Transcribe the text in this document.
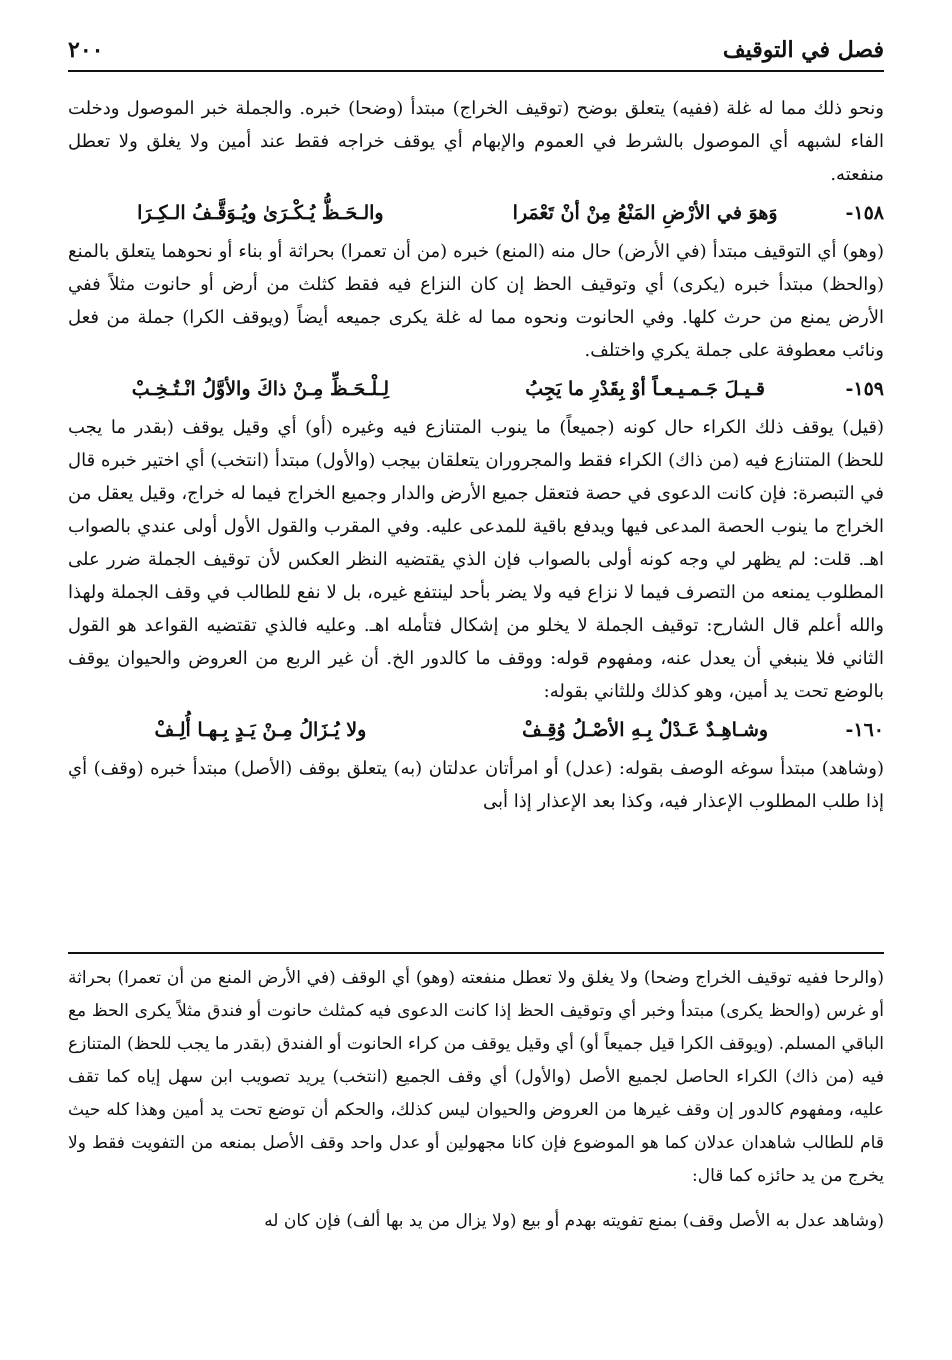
فصل في التوقيف
٢٠٠

ونحو ذلك مما له غلة (ففيه) يتعلق بوضح (توقيف الخراج) مبتدأ (وضحا) خبره. والجملة خبر الموصول ودخلت الفاء لشبهه أي الموصول بالشرط في العموم والإبهام أي يوقف خراجه فقط عند أمين ولا يغلق ولا تعطل منفعته.

١٥٨-
وَهوَ في الأرْضِ المَنْعُ مِنْ أنْ تَعْمَرا
والـحَـظُّ يُـكْـرَىٰ ويُـوَقَّـفُ الـكِـرَا

(وهو) أي التوقيف مبتدأ (في الأرض) حال منه (المنع) خبره (من أن تعمرا) بحراثة أو بناء أو نحوهما يتعلق بالمنع (والحظ) مبتدأ خبره (يكرى) أي وتوقيف الحظ إن كان النزاع فيه فقط كثلث من أرض أو حانوت مثلاً ففي الأرض يمنع من حرث كلها. وفي الحانوت ونحوه مما له غلة يكرى جميعه أيضاً (ويوقف الكرا) جملة من فعل ونائب معطوفة على جملة يكري واختلف.

١٥٩-
قـيـلَ جَـمـيـعـاً أوْ بِقَدْرِ ما يَجِبُ
لِـلْـحَـظِّ مِـنْ ذاكَ والأوَّلُ انْـتُـخِـبْ

(قيل) يوقف ذلك الكراء حال كونه (جميعاً) ما ينوب المتنازع فيه وغيره (أو) أي وقيل يوقف (بقدر ما يجب للحظ) المتنازع فيه (من ذاك) الكراء فقط والمجروران يتعلقان بيجب (والأول) مبتدأ (انتخب) أي اختير خبره قال في التبصرة: فإن كانت الدعوى في حصة فتعقل جميع الأرض والدار وجميع الخراج فيما له خراج، وقيل يعقل من الخراج ما ينوب الحصة المدعى فيها ويدفع باقية للمدعى عليه. وفي المقرب والقول الأول أولى عندي بالصواب اهـ. قلت: لم يظهر لي وجه كونه أولى بالصواب فإن الذي يقتضيه النظر العكس لأن توقيف الجملة ضرر على المطلوب يمنعه من التصرف فيما لا نزاع فيه ولا يضر بأحد لينتفع غيره، بل لا نفع للطالب في وقف الجملة ولهذا والله أعلم قال الشارح: توقيف الجملة لا يخلو من إشكال فتأمله اهـ. وعليه فالذي تقتضيه القواعد هو القول الثاني فلا ينبغي أن يعدل عنه، ومفهوم قوله: ووقف ما كالدور الخ. أن غير الربع من العروض والحيوان يوقف بالوضع تحت يد أمين، وهو كذلك وللثاني بقوله:

١٦٠-
وشـاهِـدٌ عَـدْلٌ بِـهِ الأصْـلُ وُقِـفْ
ولا يُـزَالُ مِـنْ يَـدٍ بِـهـا أُلِـفْ

(وشاهد) مبتدأ سوغه الوصف بقوله: (عدل) أو امرأتان عدلتان (به) يتعلق بوقف (الأصل) مبتدأ خبره (وقف) أي إذا طلب المطلوب الإعذار فيه، وكذا بعد الإعذار إذا أبى

(والرحا ففيه توقيف الخراج وضحا) ولا يغلق ولا تعطل منفعته (وهو) أي الوقف (في الأرض المنع من أن تعمرا) بحراثة أو غرس (والحظ يكرى) مبتدأ وخبر أي وتوقيف الحظ إذا كانت الدعوى فيه كمثلث حانوت أو فندق مثلاً يكرى الحظ مع الباقي المسلم. (ويوقف الكرا قيل جميعاً أو) أي وقيل يوقف من كراء الحانوت أو الفندق (بقدر ما يجب للحظ) المتنازع فيه (من ذاك) الكراء الحاصل لجميع الأصل (والأول) أي وقف الجميع (انتخب) يريد تصويب ابن سهل إياه كما تقف عليه، ومفهوم كالدور إن وقف غيرها من العروض والحيوان ليس كذلك، والحكم أن توضع تحت يد أمين وهذا كله حيث قام للطالب شاهدان عدلان كما هو الموضوع فإن كانا مجهولين أو عدل واحد وقف الأصل بمنعه من التفويت فقط ولا يخرج من يد حائزه كما قال:

(وشاهد عدل به الأصل وقف) بمنع تفويته بهدم أو بيع (ولا يزال من يد بها ألف) فإن كان له
